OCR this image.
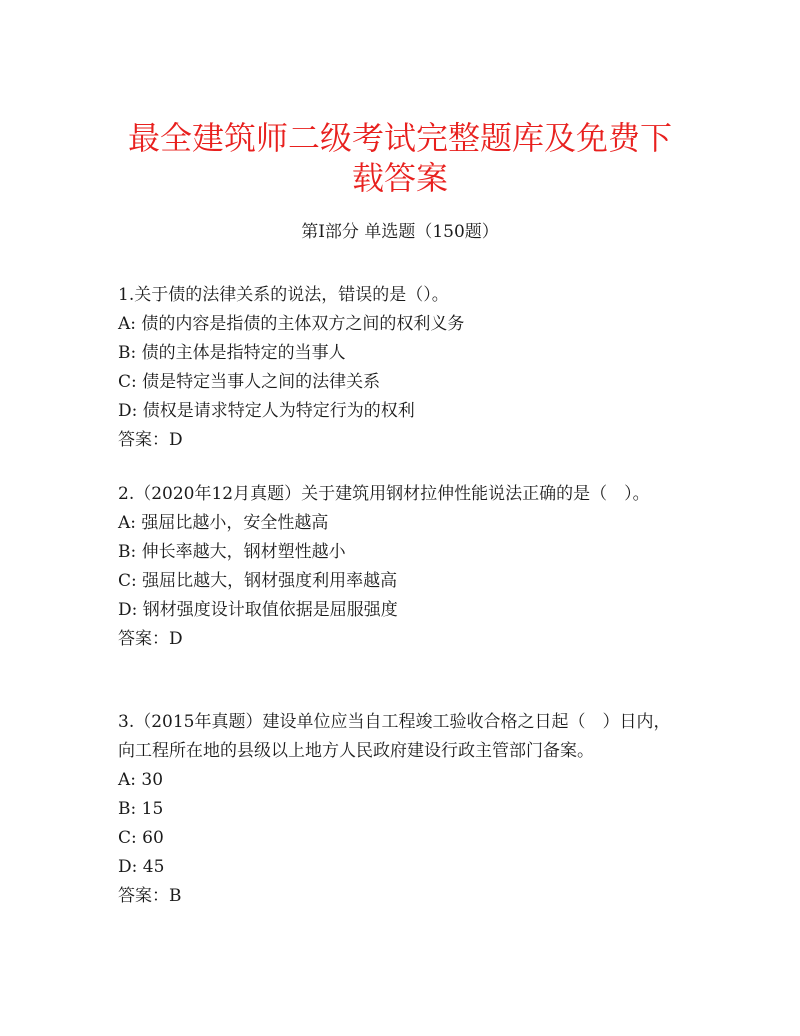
最全建筑师二级考试完整题库及免费下载答案
第I部分 单选题（150题）
1.关于债的法律关系的说法，错误的是（）。
A: 债的内容是指债的主体双方之间的权利义务
B: 债的主体是指特定的当事人
C: 债是特定当事人之间的法律关系
D: 债权是请求特定人为特定行为的权利
答案：D
2.（2020年12月真题）关于建筑用钢材拉伸性能说法正确的是（　）。
A: 强屈比越小，安全性越高
B: 伸长率越大，钢材塑性越小
C: 强屈比越大，钢材强度利用率越高
D: 钢材强度设计取值依据是屈服强度
答案：D
3.（2015年真题）建设单位应当自工程竣工验收合格之日起（　）日内，向工程所在地的县级以上地方人民政府建设行政主管部门备案。
A: 30
B: 15
C: 60
D: 45
答案：B
